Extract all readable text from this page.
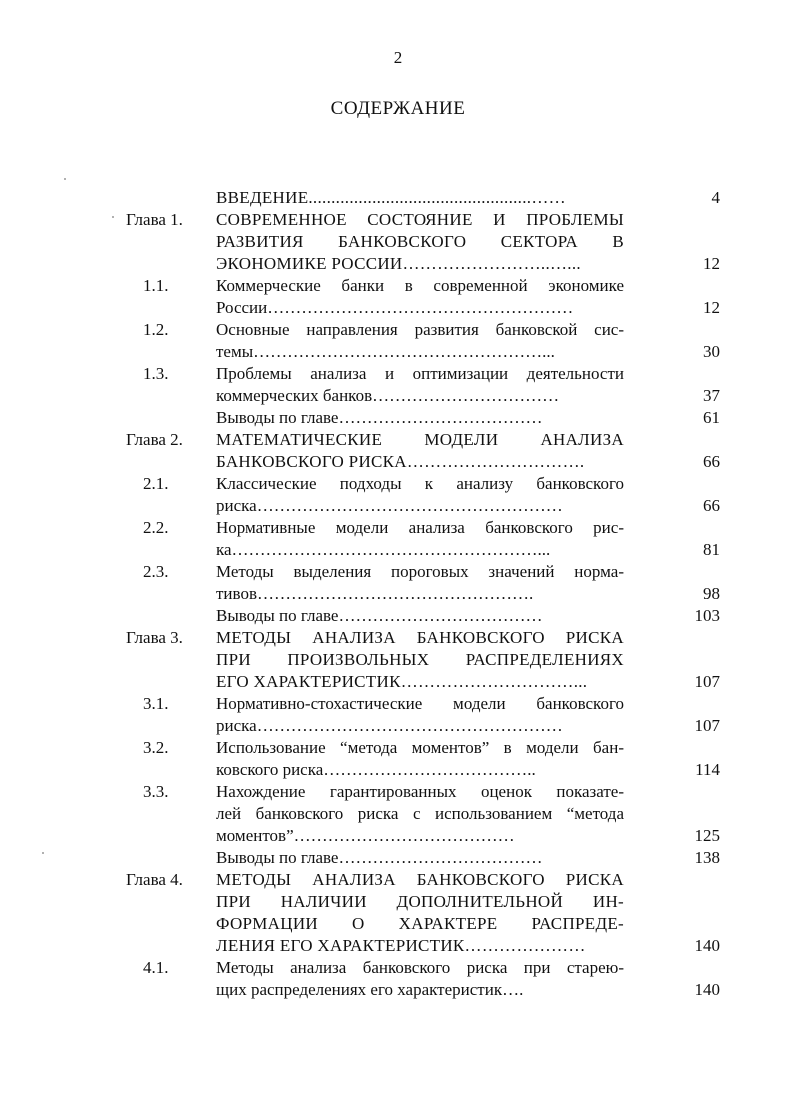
2
СОДЕРЖАНИЕ
ВВЕДЕНИЕ.................................................……	4
Глава 1.	СОВРЕМЕННОЕ СОСТОЯНИЕ И ПРОБЛЕМЫ
РАЗВИТИЯ БАНКОВСКОГО СЕКТОРА В
ЭКОНОМИКЕ РОССИИ……………………..…...	12
1.1.	Коммерческие банки в современной экономике
России………………………………………………	12
1.2.	Основные направления развития банковской сис-
темы……………………………………………...	30
1.3.	Проблемы анализа и оптимизации деятельности
коммерческих банков……………………………	37
Выводы по главе………………………………	61
Глава 2.	МАТЕМАТИЧЕСКИЕ МОДЕЛИ АНАЛИЗА
БАНКОВСКОГО РИСКА………………………….	66
2.1.	Классические подходы к анализу банковского
риска………………………………………………	66
2.2.	Нормативные модели анализа банковского рис-
ка………………………………………………...	81
2.3.	Методы выделения пороговых значений норма-
тивов………………………………………….	98
Выводы по главе………………………………	103
Глава 3.	МЕТОДЫ АНАЛИЗА БАНКОВСКОГО РИСКА
ПРИ ПРОИЗВОЛЬНЫХ РАСПРЕДЕЛЕНИЯХ
ЕГО ХАРАКТЕРИСТИК…………………………...	107
3.1.	Нормативно-стохастические модели банковского
риска………………………………………………	107
3.2.	Использование “метода моментов” в модели бан-
ковского риска………………………………..	114
3.3.	Нахождение гарантированных оценок показате-
лей банковского риска с использованием “метода
моментов”…………………………………	125
Выводы по главе………………………………	138
Глава 4.	МЕТОДЫ АНАЛИЗА БАНКОВСКОГО РИСКА
ПРИ НАЛИЧИИ ДОПОЛНИТЕЛЬНОЙ ИН-
ФОРМАЦИИ О ХАРАКТЕРЕ РАСПРЕДЕ-
ЛЕНИЯ ЕГО ХАРАКТЕРИСТИК…………………	140
4.1.	Методы анализа банковского риска при старею-
щих распределениях его характеристик….	140
